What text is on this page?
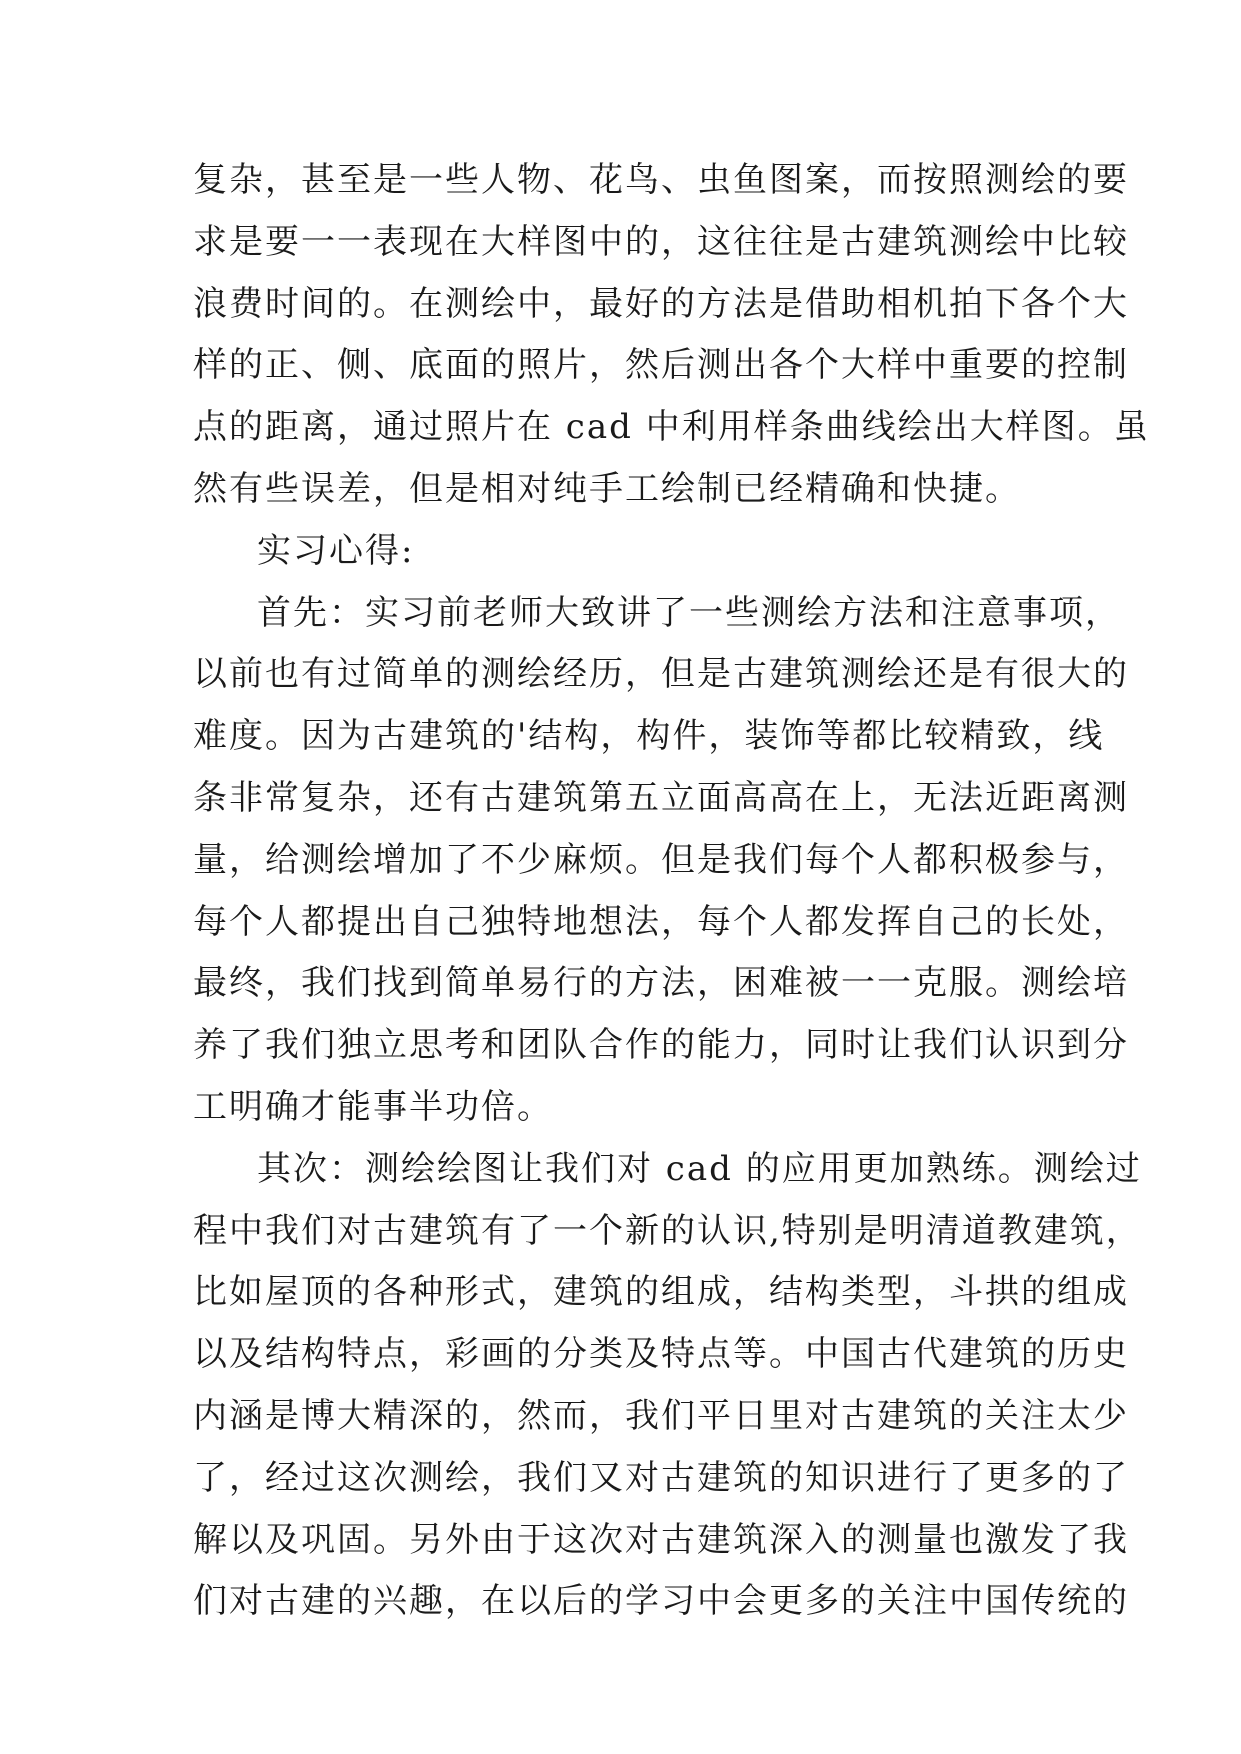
复杂，甚至是一些人物、花鸟、虫鱼图案，而按照测绘的要
求是要一一表现在大样图中的，这往往是古建筑测绘中比较
浪费时间的。在测绘中，最好的方法是借助相机拍下各个大
样的正、侧、底面的照片，然后测出各个大样中重要的控制
点的距离，通过照片在 cad 中利用样条曲线绘出大样图。虽
然有些误差，但是相对纯手工绘制已经精确和快捷。
实习心得:
首先：实习前老师大致讲了一些测绘方法和注意事项，
以前也有过简单的测绘经历，但是古建筑测绘还是有很大的
难度。因为古建筑的'结构，构件，装饰等都比较精致，线
条非常复杂，还有古建筑第五立面高高在上，无法近距离测
量，给测绘增加了不少麻烦。但是我们每个人都积极参与，
每个人都提出自己独特地想法，每个人都发挥自己的长处，
最终，我们找到简单易行的方法，困难被一一克服。测绘培
养了我们独立思考和团队合作的能力，同时让我们认识到分
工明确才能事半功倍。
其次：测绘绘图让我们对 cad 的应用更加熟练。测绘过
程中我们对古建筑有了一个新的认识,特别是明清道教建筑，
比如屋顶的各种形式，建筑的组成，结构类型，斗拱的组成
以及结构特点，彩画的分类及特点等。中国古代建筑的历史
内涵是博大精深的，然而，我们平日里对古建筑的关注太少
了，经过这次测绘，我们又对古建筑的知识进行了更多的了
解以及巩固。另外由于这次对古建筑深入的测量也激发了我
们对古建的兴趣，在以后的学习中会更多的关注中国传统的
